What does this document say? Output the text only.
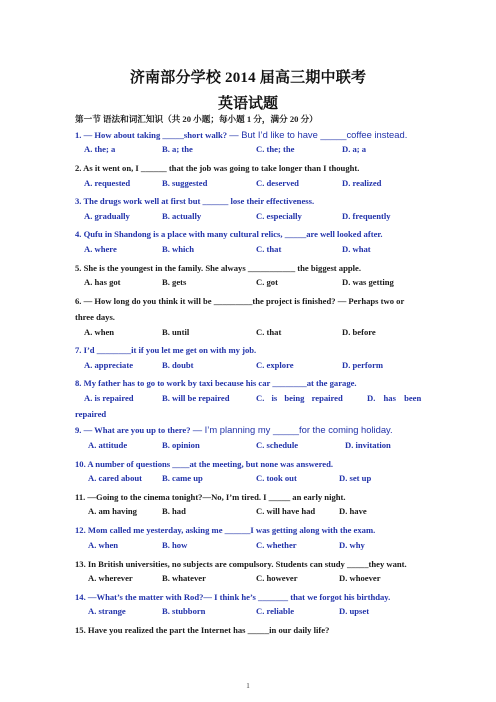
济南部分学校 2014 届高三期中联考
英语试题
第一节 语法和词汇知识（共 20 小题；每小题 1 分，满分 20 分）
1. — How about taking _____short walk? — But I’d like to have _____coffee instead.
A. the; a	B. a; the	C. the; the	D. a; a
2. As it went on, I ______ that the job was going to take longer than I thought.
A. requested	B. suggested	C. deserved	D. realized
3. The drugs work well at first but ______ lose their effectiveness.
A. gradually	B. actually	C. especially	D. frequently
4. Qufu in Shandong is a place with many cultural relics, _____are well looked after.
A. where	B. which	C. that	D. what
5. She is the youngest in the family. She always ___________ the biggest apple.
A. has got	B. gets	C. got	D. was getting
6. — How long do you think it will be _________the project is finished? — Perhaps two or
three days.
A. when	B. until	C. that	D. before
7. I’d ________it if you let me get on with my job.
A. appreciate	B. doubt	C. explore	D. perform
8. My father has to go to work by taxi because his car ________at the garage.
A. is repaired	B. will be repaired	C. is being repaired	D. has been
repaired
9. — What are you up to there? — I’m planning my _____for the coming holiday.
A. attitude	B. opinion	C. schedule	D. invitation
10. A number of questions ____at the meeting, but none was answered.
A. cared about B. came up	C. took out	D. set up
11. —Going to the cinema tonight?—No, I’m tired. I _____ an early night.
A. am having	B. had	C. will have had	D. have
12. Mom called me yesterday, asking me ______I was getting along with the exam.
A. when	B. how	C. whether	D. why
13. In British universities, no subjects are compulsory. Students can study _____they want.
A. wherever	B. whatever	C. however	D. whoever
14. —What’s the matter with Rod?— I think he’s _______ that we forgot his birthday.
A. strange	B. stubborn	C. reliable	D. upset
15. Have you realized the part the Internet has _____in our daily life?
1
